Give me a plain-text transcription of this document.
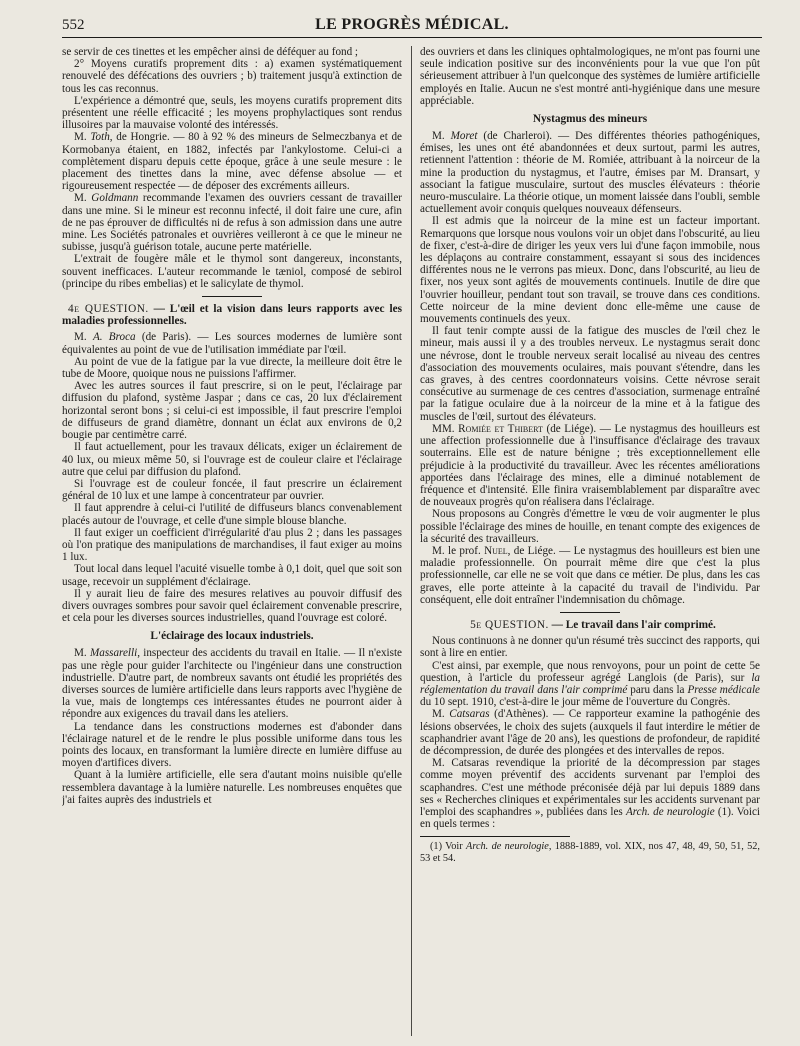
552	LE PROGRÈS MÉDICAL.

se servir de ces tinettes et les empêcher ainsi de déféquer au fond ;

2° Moyens curatifs proprement dits : a) examen systématiquement renouvelé des défécations des ouvriers ; b) traitement jusqu'à extinction de tous les cas reconnus.

L'expérience a démontré que, seuls, les moyens curatifs proprement dits présentent une réelle efficacité ; les moyens prophylactiques sont rendus illusoires par la mauvaise volonté des intéressés.

M. Toth, de Hongrie. — 80 à 92 % des mineurs de Selmeczbanya et de Kormobanya étaient, en 1882, infectés par l'ankylostome. Celui-ci a complètement disparu depuis cette époque, grâce à une seule mesure : le placement des tinettes dans la mine, avec défense absolue — et rigoureusement respectée — de déposer des excréments ailleurs.

M. Goldmann recommande l'examen des ouvriers cessant de travailler dans une mine. Si le mineur est reconnu infecté, il doit faire une cure, afin de ne pas éprouver de difficultés ni de refus à son admission dans une autre mine. Les Sociétés patronales et ouvrières veilleront à ce que le mineur ne subisse, jusqu'à guérison totale, aucune perte matérielle.

L'extrait de fougère mâle et le thymol sont dangereux, inconstants, souvent inefficaces. L'auteur recommande le tæniol, composé de sebirol (principe du ribes embelias) et le salicylate de thymol.

4e QUESTION. — L'œil et la vision dans leurs rapports avec les maladies professionnelles.

M. A. Broca (de Paris). — Les sources modernes de lumière sont équivalentes au point de vue de l'utilisation immédiate par l'œil.

Au point de vue de la fatigue par la vue directe, la meilleure doit être le tube de Moore, quoique nous ne puissions l'affirmer.

Avec les autres sources il faut prescrire, si on le peut, l'éclairage par diffusion du plafond, système Jaspar ; dans ce cas, 20 lux d'éclairement horizontal seront bons ; si celui-ci est impossible, il faut prescrire l'emploi de diffuseurs de grand diamètre, donnant un éclat aux environs de 0,2 bougie par centimètre carré.

Il faut actuellement, pour les travaux délicats, exiger un éclairement de 40 lux, ou mieux même 50, si l'ouvrage est de couleur claire et l'éclairage autre que celui par diffusion du plafond.

Si l'ouvrage est de couleur foncée, il faut prescrire un éclairement général de 10 lux et une lampe à concentrateur par ouvrier.

Il faut apprendre à celui-ci l'utilité de diffuseurs blancs convenablement placés autour de l'ouvrage, et celle d'une simple blouse blanche.

Il faut exiger un coefficient d'irrégularité d'au plus 2 ; dans les passages où l'on pratique des manipulations de marchandises, il faut exiger au moins 1 lux.

Tout local dans lequel l'acuité visuelle tombe à 0,1 doit, quel que soit son usage, recevoir un supplément d'éclairage.

Il y aurait lieu de faire des mesures relatives au pouvoir diffusif des divers ouvrages sombres pour savoir quel éclairement convenable prescrire, et cela pour les diverses sources industrielles, quand l'ouvrage est coloré.

L'éclairage des locaux industriels.

M. Massarelli, inspecteur des accidents du travail en Italie. — Il n'existe pas une règle pour guider l'architecte ou l'ingénieur dans une construction industrielle. D'autre part, de nombreux savants ont étudié les propriétés des diverses sources de lumière artificielle dans leurs rapports avec l'hygiène de la vue, mais de longtemps ces intéressantes études ne pourront aider à répondre aux exigences du travail dans les ateliers.

La tendance dans les constructions modernes est d'abonder dans l'éclairage naturel et de le rendre le plus possible uniforme dans tous les points des locaux, en transformant la lumière directe en lumière diffuse au moyen d'artifices divers.

Quant à la lumière artificielle, elle sera d'autant moins nuisible qu'elle ressemblera davantage à la lumière naturelle. Les nombreuses enquêtes que j'ai faites auprès des industriels et

des ouvriers et dans les cliniques ophtalmologiques, ne m'ont pas fourni une seule indication positive sur des inconvénients pour la vue que l'on pût sérieusement attribuer à l'un quelconque des systèmes de lumière artificielle employés en Italie. Aucun ne s'est montré anti-hygiénique dans une mesure appréciable.

Nystagmus des mineurs

M. Moret (de Charleroi). — Des différentes théories pathogéniques, émises, les unes ont été abandonnées et deux surtout, parmi les autres, retiennent l'attention : théorie de M. Romiée, attribuant à la noirceur de la mine la production du nystagmus, et l'autre, émises par M. Dransart, y associant la fatigue musculaire, surtout des muscles élévateurs : théorie neuro-musculaire. La théorie otique, un moment laissée dans l'oubli, semble actuellement avoir conquis quelques nouveaux défenseurs.

Il est admis que la noirceur de la mine est un facteur important. Remarquons que lorsque nous voulons voir un objet dans l'obscurité, au lieu de fixer, c'est-à-dire de diriger les yeux vers lui d'une façon immobile, nous les déplaçons au contraire constamment, essayant si sous des incidences différentes nous ne le verrons pas mieux. Donc, dans l'obscurité, au lieu de fixer, nos yeux sont agités de mouvements continuels. Inutile de dire que l'ouvrier houilleur, pendant tout son travail, se trouve dans ces conditions. Cette noirceur de la mine devient donc elle-même une cause de mouvements continuels des yeux.

Il faut tenir compte aussi de la fatigue des muscles de l'œil chez le mineur, mais aussi il y a des troubles nerveux. Le nystagmus serait donc une névrose, dont le trouble nerveux serait localisé au niveau des centres d'association des mouvements oculaires, mais pouvant s'étendre, dans les cas graves, à des centres coordonnateurs voisins. Cette névrose serait consécutive au surmenage de ces centres d'association, surmenage entraîné par la fatigue oculaire due à la noirceur de la mine et à la fatigue des muscles de l'œil, surtout des élévateurs.

MM. Romiée et Thibert (de Liége). — Le nystagmus des houilleurs est une affection professionnelle due à l'insuffisance d'éclairage des travaux souterrains. Elle est de nature bénigne ; très exceptionnellement elle préjudicie à la productivité du travailleur. Avec les récentes améliorations apportées dans l'éclairage des mines, elle a diminué notablement de fréquence et d'intensité. Elle finira vraisemblablement par disparaître avec de nouveaux progrès qu'on réalisera dans l'éclairage.

Nous proposons au Congrès d'émettre le vœu de voir augmenter le plus possible l'éclairage des mines de houille, en tenant compte des exigences de la sécurité des travailleurs.

M. le prof. Nuel, de Liége. — Le nystagmus des houilleurs est bien une maladie professionnelle. On pourrait même dire que c'est la plus professionnelle, car elle ne se voit que dans ce métier. De plus, dans les cas graves, elle porte atteinte à la capacité du travail de l'individu. Par conséquent, elle doit entraîner l'indemnisation du chômage.

5e QUESTION. — Le travail dans l'air comprimé.

Nous continuons à ne donner qu'un résumé très succinct des rapports, qui sont à lire en entier.

C'est ainsi, par exemple, que nous renvoyons, pour un point de cette 5e question, à l'article du professeur agrégé Langlois (de Paris), sur la réglementation du travail dans l'air comprimé paru dans la Presse médicale du 10 sept. 1910, c'est-à-dire le jour même de l'ouverture du Congrès.

M. Catsaras (d'Athènes). — Ce rapporteur examine la pathogénie des lésions observées, le choix des sujets (auxquels il faut interdire le métier de scaphandrier avant l'âge de 20 ans), les questions de profondeur, de rapidité de décompression, de durée des plongées et des intervalles de repos.

M. Catsaras revendique la priorité de la décompression par stages comme moyen préventif des accidents survenant par l'emploi des scaphandres. C'est une méthode préconisée déjà par lui depuis 1889 dans ses « Recherches cliniques et expérimentales sur les accidents survenant par l'emploi des scaphandres », publiées dans les Arch. de neurologie (1). Voici en quels termes :

(1) Voir Arch. de neurologie, 1888-1889, vol. XIX, nos 47, 48, 49, 50, 51, 52, 53 et 54.
